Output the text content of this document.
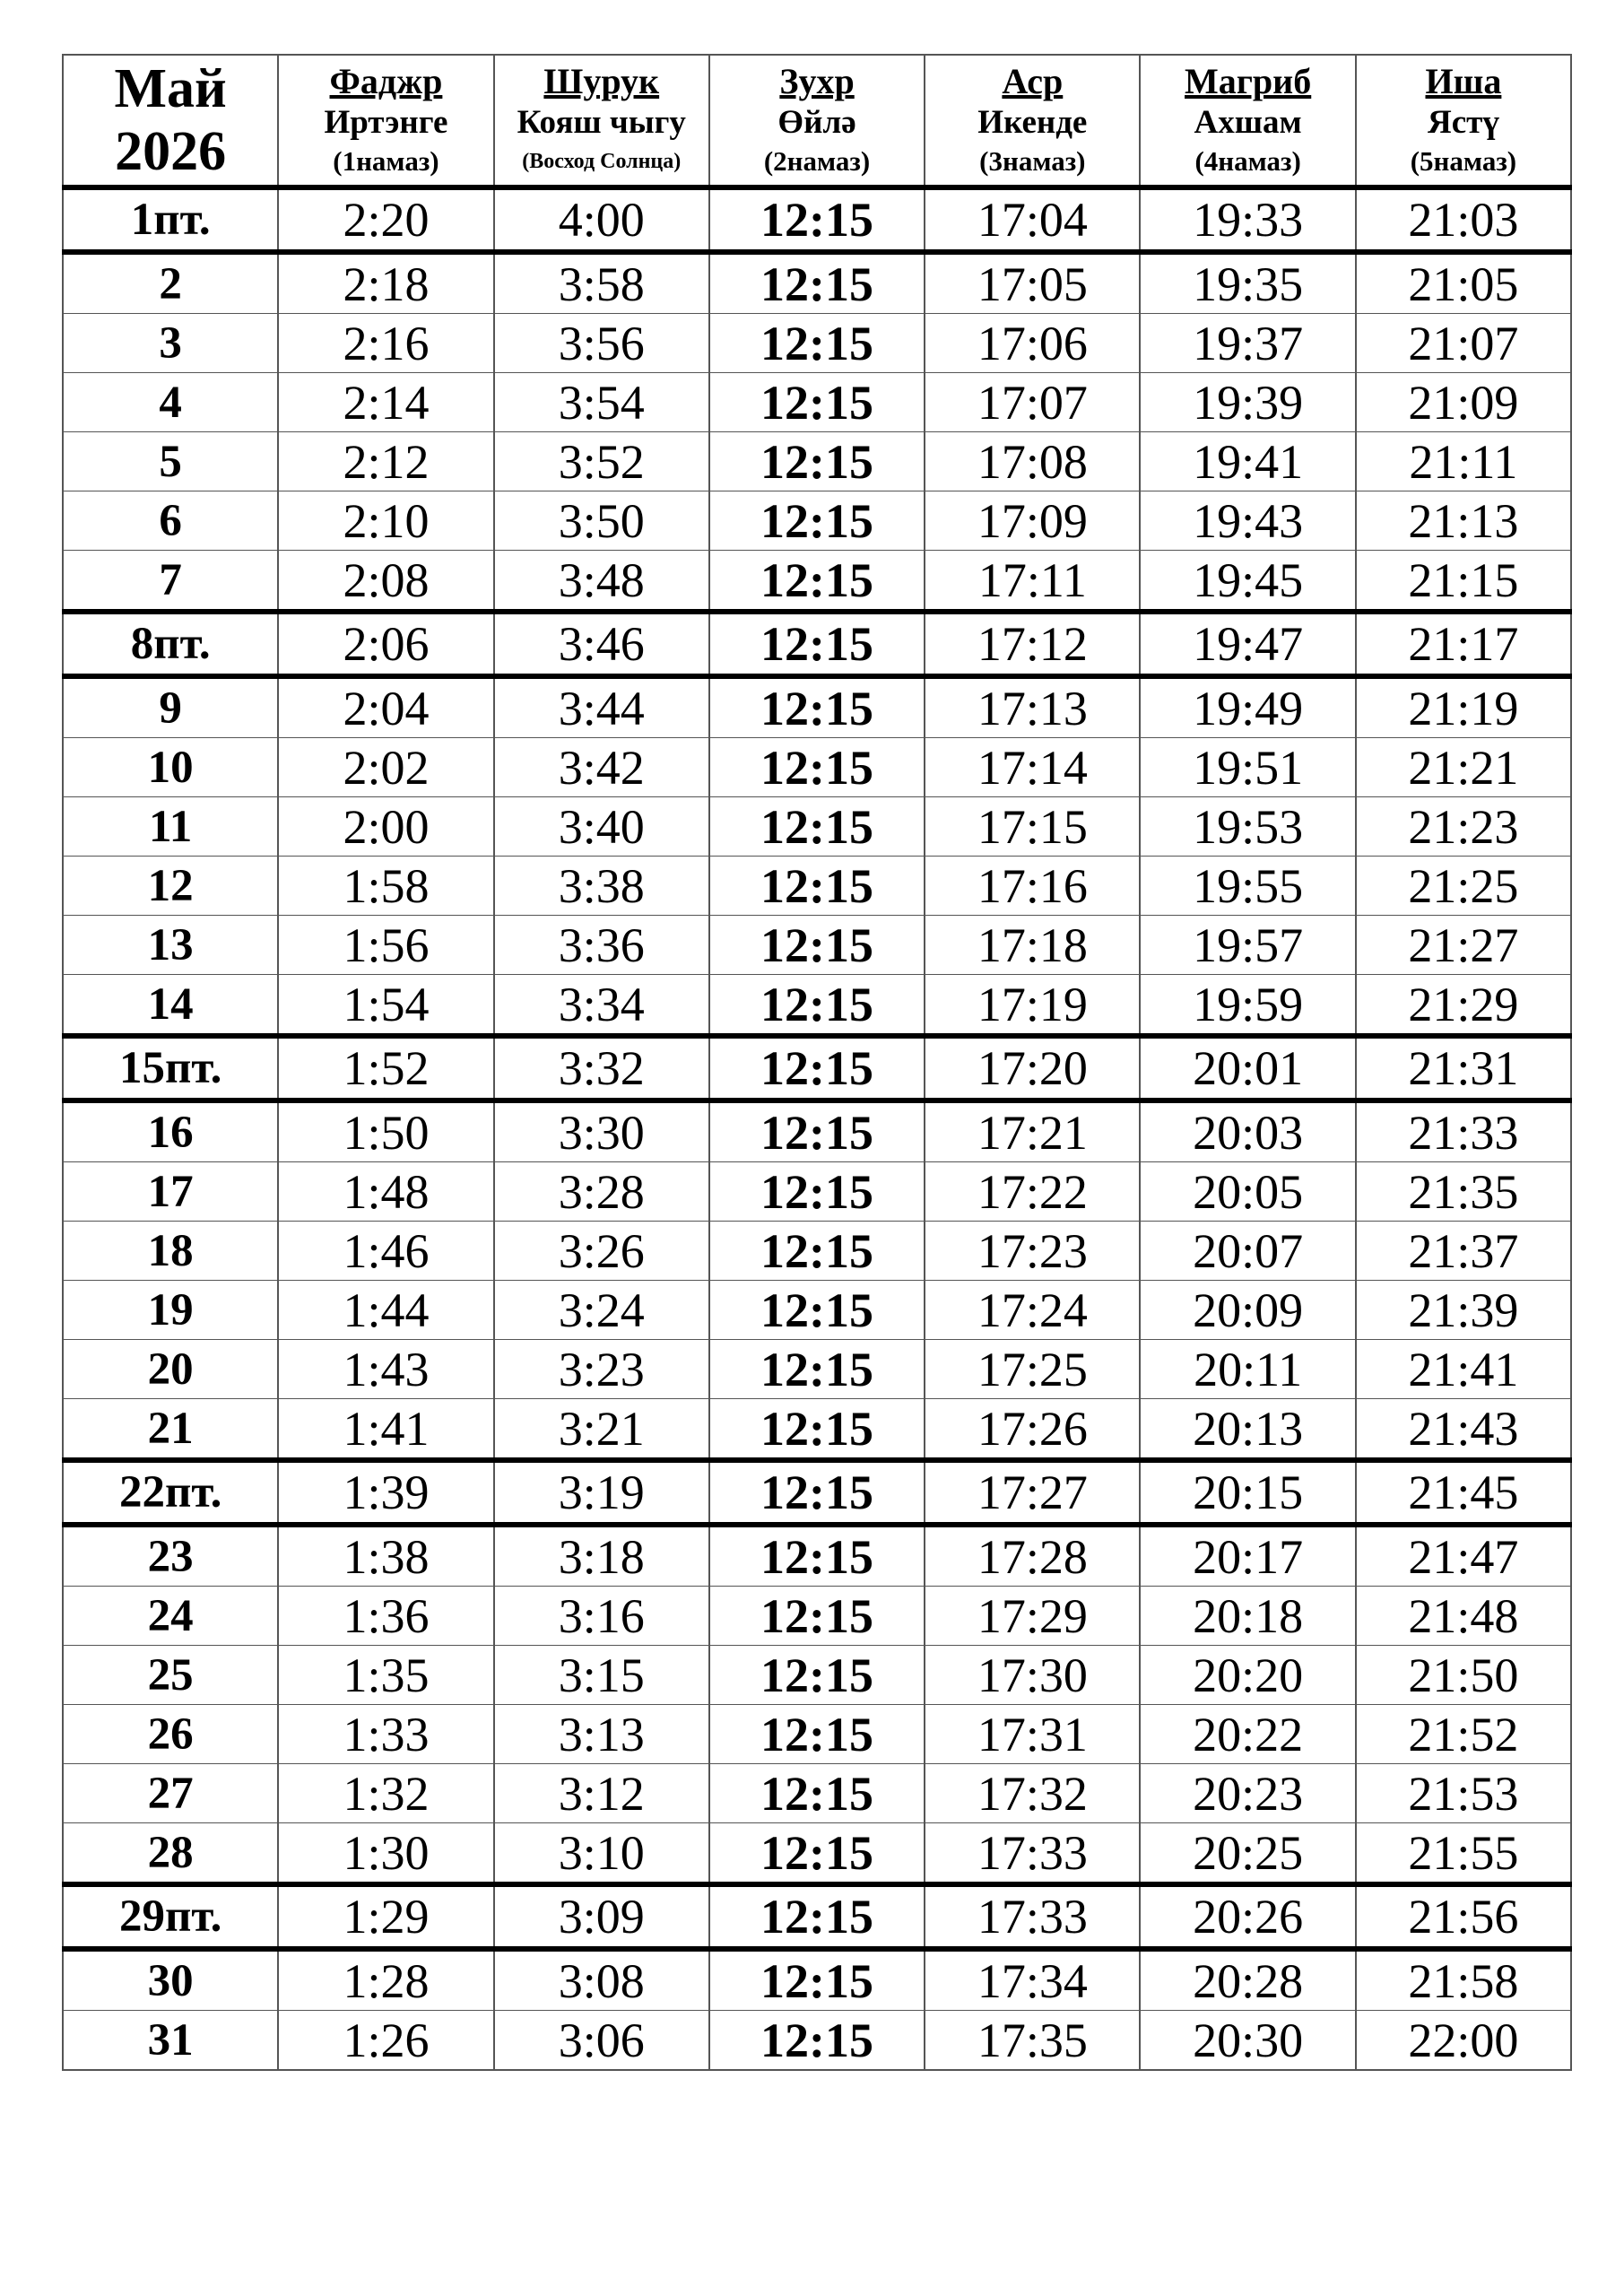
Май
2026	Фаджр
Иртэнге
(1намаз)	Шурук
Кояш чыгу
(Восход Солнца)	Зухр
Өйлә
(2намаз)	Аср
Икенде
(3намаз)	Магриб
Ахшам
(4намаз)	Иша
Ястү
(5намаз)

1пт.	2:20	4:00	12:15	17:04	19:33	21:03
2	2:18	3:58	12:15	17:05	19:35	21:05
3	2:16	3:56	12:15	17:06	19:37	21:07
4	2:14	3:54	12:15	17:07	19:39	21:09
5	2:12	3:52	12:15	17:08	19:41	21:11
6	2:10	3:50	12:15	17:09	19:43	21:13
7	2:08	3:48	12:15	17:11	19:45	21:15
8пт.	2:06	3:46	12:15	17:12	19:47	21:17
9	2:04	3:44	12:15	17:13	19:49	21:19
10	2:02	3:42	12:15	17:14	19:51	21:21
11	2:00	3:40	12:15	17:15	19:53	21:23
12	1:58	3:38	12:15	17:16	19:55	21:25
13	1:56	3:36	12:15	17:18	19:57	21:27
14	1:54	3:34	12:15	17:19	19:59	21:29
15пт.	1:52	3:32	12:15	17:20	20:01	21:31
16	1:50	3:30	12:15	17:21	20:03	21:33
17	1:48	3:28	12:15	17:22	20:05	21:35
18	1:46	3:26	12:15	17:23	20:07	21:37
19	1:44	3:24	12:15	17:24	20:09	21:39
20	1:43	3:23	12:15	17:25	20:11	21:41
21	1:41	3:21	12:15	17:26	20:13	21:43
22пт.	1:39	3:19	12:15	17:27	20:15	21:45
23	1:38	3:18	12:15	17:28	20:17	21:47
24	1:36	3:16	12:15	17:29	20:18	21:48
25	1:35	3:15	12:15	17:30	20:20	21:50
26	1:33	3:13	12:15	17:31	20:22	21:52
27	1:32	3:12	12:15	17:32	20:23	21:53
28	1:30	3:10	12:15	17:33	20:25	21:55
29пт.	1:29	3:09	12:15	17:33	20:26	21:56
30	1:28	3:08	12:15	17:34	20:28	21:58
31	1:26	3:06	12:15	17:35	20:30	22:00
